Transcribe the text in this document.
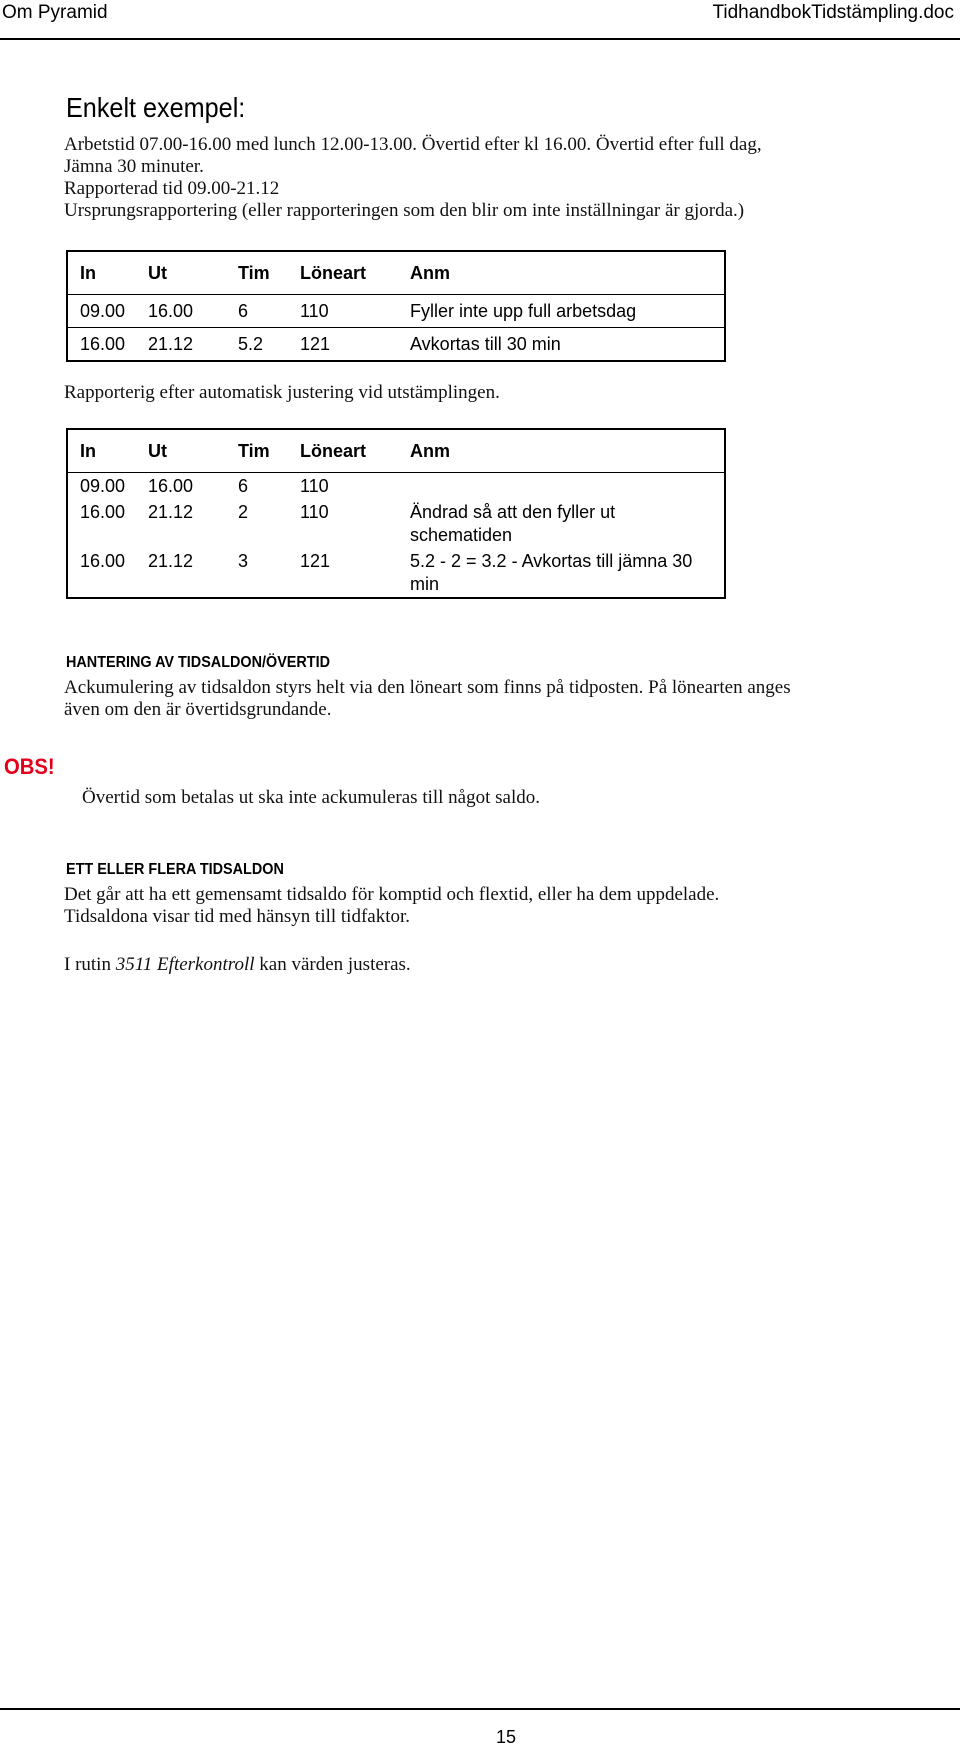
Om Pyramid	TidhandbokTidstämpling.doc
Enkelt exempel:
Arbetstid 07.00-16.00 med lunch 12.00-13.00. Övertid efter kl 16.00. Övertid efter full dag,
Jämna 30 minuter.
Rapporterad tid 09.00-21.12
Ursprungsrapportering (eller rapporteringen som den blir om inte inställningar är gjorda.)
In	Ut	Tim	Löneart	Anm
09.00	16.00	6	110	Fyller inte upp full arbetsdag
16.00	21.12	5.2	121	Avkortas till 30 min
Rapporterig efter automatisk justering vid utstämplingen.
In	Ut	Tim	Löneart	Anm
09.00	16.00	6	110	
16.00	21.12	2	110	Ändrad så att den fyller ut schematiden
16.00	21.12	3	121	5.2 - 2 = 3.2 - Avkortas till jämna 30 min
HANTERING AV TIDSALDON/ÖVERTID
Ackumulering av tidsaldon styrs helt via den löneart som finns på tidposten. På lönearten anges
även om den är övertidsgrundande.
OBS!
Övertid som betalas ut ska inte ackumuleras till något saldo.
ETT ELLER FLERA TIDSALDON
Det går att ha ett gemensamt tidsaldo för komptid och flextid, eller ha dem uppdelade.
Tidsaldona visar tid med hänsyn till tidfaktor.
I rutin 3511 Efterkontroll kan värden justeras.
15
